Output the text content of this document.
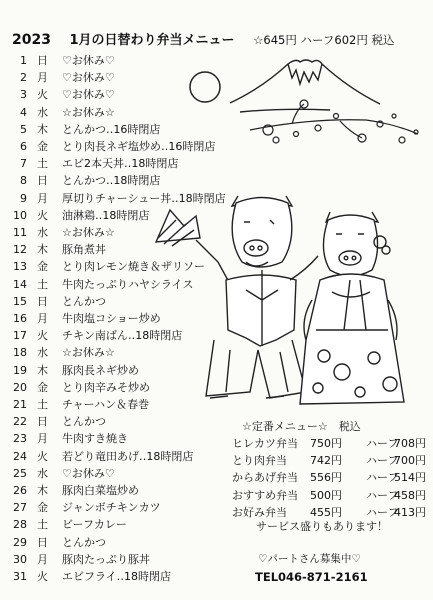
2023 1月の日替わり弁当メニュー ☆645円 ハーフ602円 税込
1 日 ♡お休み♡
2 月 ♡お休み♡
3 火 ♡お休み♡
4 水 ☆お休み☆
5 木 とんかつ‥16時閉店
6 金 とり肉長ネギ塩炒め‥16時閉店
7 土 エビ2本天丼‥18時閉店
8 日 とんかつ‥18時閉店
9 月 厚切りチャーシュー丼‥18時閉店
10 火 油淋鶏‥18時閉店
11 水 ☆お休み☆
12 木 豚角煮丼
13 金 とり肉レモン焼き＆ザリソー
14 土 牛肉たっぷりハヤシライス
15 日 とんかつ
16 月 牛肉塩コショー炒め
17 火 チキン南ばん‥18時閉店
18 水 ☆お休み☆
19 木 豚肉長ネギ炒め
20 金 とり肉辛みそ炒め
21 土 チャーハン＆春巻
22 日 とんかつ
23 月 牛肉すき焼き
24 火 若どり竜田あげ‥18時閉店
25 水 ♡お休み♡
26 木 豚肉白菜塩炒め
27 金 ジャンボチキンカツ
28 土 ビーフカレー
29 日 とんかつ
30 月 豚肉たっぷり豚丼
31 火 エビフライ‥18時閉店
☆定番メニュー☆　税込
ヒレカツ弁当 750円 ハーフ
708円
とり肉弁当 742円 ハーフ
700円
からあげ弁当 556円 ハーフ
514円
おすすめ弁当 500円 ハーフ
458円
お好み弁当 455円 ハーフ
413円
サービス盛りもあります！
♡パートさん募集中♡
TEL046-871-2161
